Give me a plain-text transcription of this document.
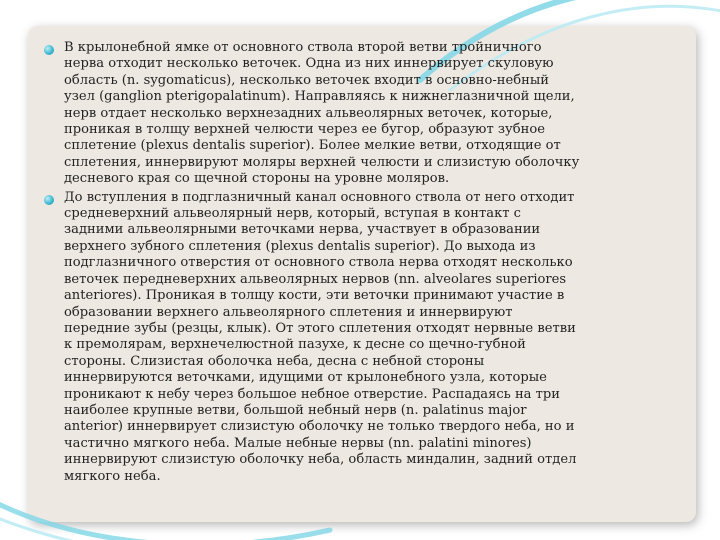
В крылонебной ямке от основного ствола второй ветви тройничного
нерва отходит несколько веточек. Одна из них иннервирует скуловую
область (n. sygomaticus), несколько веточек входит в основно-небный
узел (ganglion pterigopalatinum). Направляясь к нижнеглазничной щели,
нерв отдает несколько верхнезадних альвеолярных веточек, которые,
проникая в толщу верхней челюсти через ее бугор, образуют зубное
сплетение (plexus dentalis superior). Более мелкие ветви, отходящие от
сплетения, иннервируют моляры верхней челюсти и слизистую оболочку
десневого края со щечной стороны на уровне моляров.

До вступления в подглазничный канал основного ствола от него отходит
средневерхний альвеолярный нерв, который, вступая в контакт с
задними альвеолярными веточками нерва, участвует в образовании
верхнего зубного сплетения (plexus dentalis superior). До выхода из
подглазничного отверстия от основного ствола нерва отходят несколько
веточек передневерхних альвеолярных нервов (nn. alveolares superiores
anteriores). Проникая в толщу кости, эти веточки принимают участие в
образовании верхнего альвеолярного сплетения и иннервируют
передние зубы (резцы, клык). От этого сплетения отходят нервные ветви
к премолярам, верхнечелюстной пазухе, к десне со щечно-губной
стороны. Слизистая оболочка неба, десна с небной стороны
иннервируются веточками, идущими от крылонебного узла, которые
проникают к небу через большое небное отверстие. Распадаясь на три
наиболее крупные ветви, большой небный нерв (n. palatinus major
anterior) иннервирует слизистую оболочку не только твердого неба, но и
частично мягкого неба. Малые небные нервы (nn. palatini minores)
иннервируют слизистую оболочку неба, область миндалин, задний отдел
мягкого неба.
